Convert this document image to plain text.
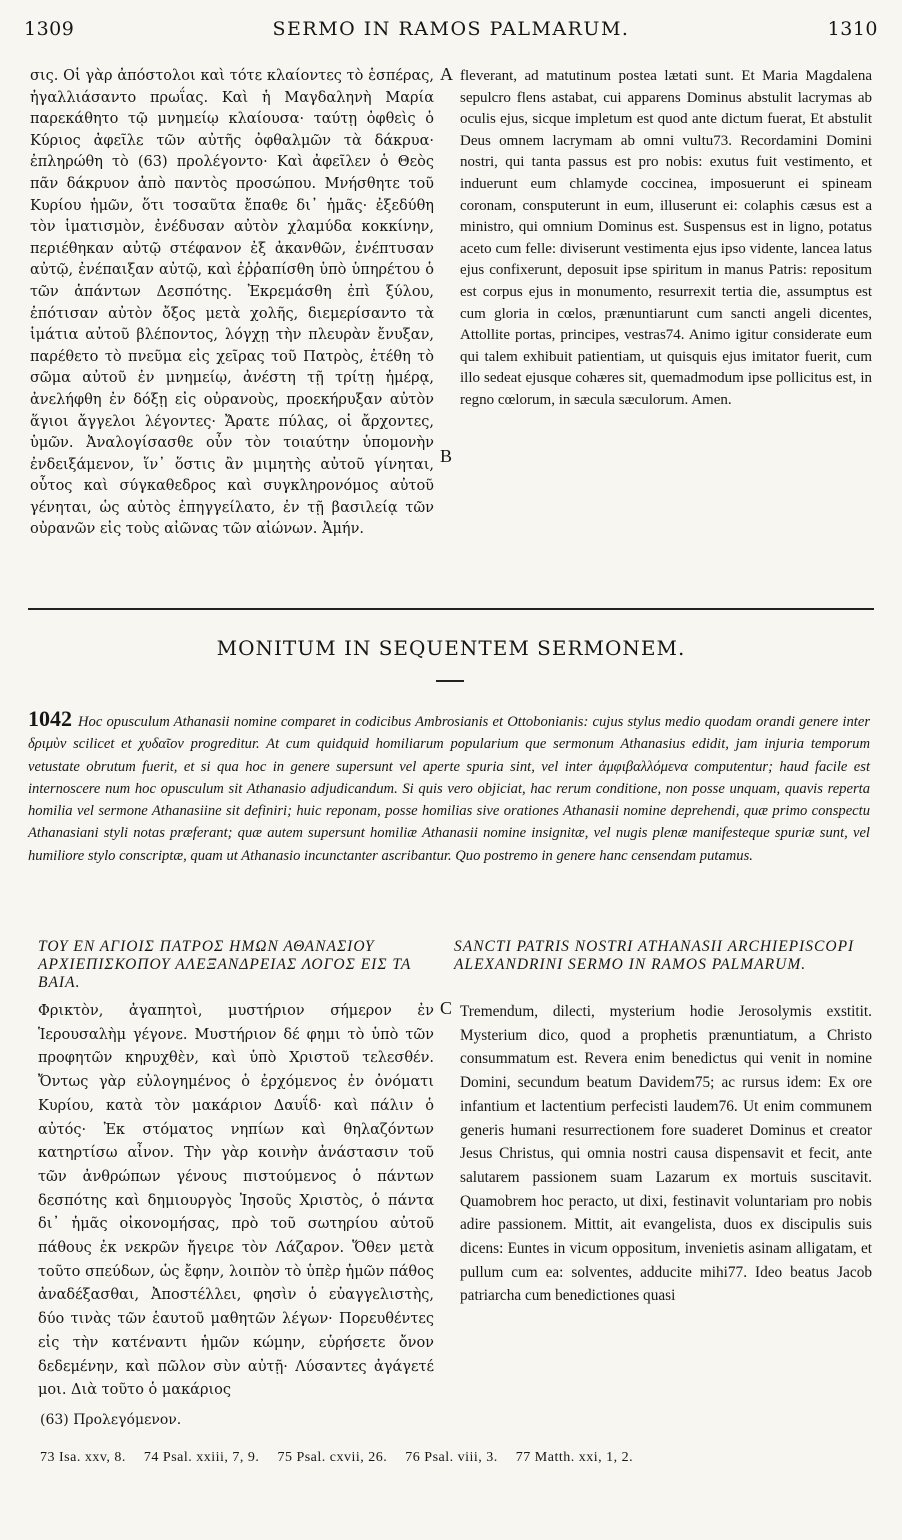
1309	SERMO IN RAMOS PALMARUM.	1310

σις. Οἱ γὰρ ἀπόστολοι καὶ τότε κλαίοντες τὸ ἑσπέρας, ἠγαλλιάσαντο πρωΐας. Καὶ ἡ Μαγδαληνὴ Μαρία παρεκάθητο τῷ μνημείῳ κλαίουσα· ταύτῃ ὀφθεὶς ὁ Κύριος ἀφεῖλε τῶν αὐτῆς ὀφθαλμῶν τὰ δάκρυα· ἐπληρώθη τὸ (63) προλέγοντο· Καὶ ἀφεῖλεν ὁ Θεὸς πᾶν δάκρυον ἀπὸ παντὸς προσώπου. Μνήσθητε τοῦ Κυρίου ἡμῶν, ὅτι τοσαῦτα ἔπαθε δι᾽ ἡμᾶς· ἐξεδύθη τὸν ἱματισμὸν, ἐνέδυσαν αὐτὸν χλαμύδα κοκκίνην, περιέθηκαν αὐτῷ στέφανον ἐξ ἀκανθῶν, ἐνέπτυσαν αὐτῷ, ἐνέπαιξαν αὐτῷ, καὶ ἐῤῥαπίσθη ὑπὸ ὑπηρέτου ὁ τῶν ἁπάντων Δεσπότης. Ἐκρεμάσθη ἐπὶ ξύλου, ἐπότισαν αὐτὸν ὄξος μετὰ χολῆς, διεμερίσαντο τὰ ἱμάτια αὐτοῦ βλέποντος, λόγχῃ τὴν πλευρὰν ἔνυξαν, παρέθετο τὸ πνεῦμα εἰς χεῖρας τοῦ Πατρὸς, ἐτέθη τὸ σῶμα αὐτοῦ ἐν μνημείῳ, ἀνέστη τῇ τρίτῃ ἡμέρᾳ, ἀνελήφθη ἐν δόξῃ εἰς οὐρανοὺς, προεκήρυξαν αὐτὸν ἅγιοι ἄγγελοι λέγοντες· Ἄρατε πύλας, οἱ ἄρχοντες, ὑμῶν. Ἀναλογίσασθε οὖν τὸν τοιαύτην ὑπομονὴν ἐνδειξάμενον, ἵν᾽ ὅστις ἂν μιμητὴς αὐτοῦ γίνηται, οὗτος καὶ σύγκαθεδρος καὶ συγκληρονόμος αὐτοῦ γένηται, ὡς αὐτὸς ἐπηγγείλατο, ἐν τῇ βασιλείᾳ τῶν οὐρανῶν εἰς τοὺς αἰῶνας τῶν αἰώνων. Ἀμήν.

A
B

fleverant, ad matutinum postea lætati sunt. Et Maria Magdalena sepulcro flens astabat, cui apparens Dominus abstulit lacrymas ab oculis ejus, sicque impletum est quod ante dictum fuerat, Et abstulit Deus omnem lacrymam ab omni vultu73. Recordamini Domini nostri, qui tanta passus est pro nobis: exutus fuit vestimento, et induerunt eum chlamyde coccinea, imposuerunt ei spineam coronam, consputerunt in eum, illuserunt ei: colaphis cæsus est a ministro, qui omnium Dominus est. Suspensus est in ligno, potatus aceto cum felle: diviserunt vestimenta ejus ipso vidente, lancea latus ejus confixerunt, deposuit ipse spiritum in manus Patris: repositum est corpus ejus in monumento, resurrexit tertia die, assumptus est cum gloria in cœlos, prænuntiarunt cum sancti angeli dicentes, Attollite portas, principes, vestras74. Animo igitur considerate eum qui talem exhibuit patientiam, ut quisquis ejus imitator fuerit, cum illo sedeat ejusque cohæres sit, quemadmodum ipse pollicitus est, in regno cœlorum, in sæcula sæculorum. Amen.

MONITUM IN SEQUENTEM SERMONEM.
1042 Hoc opusculum Athanasii nomine comparet in codicibus Ambrosianis et Ottobonianis: cujus stylus medio quodam orandi genere inter δριμὺν scilicet et χυδαῖον progreditur. At cum quidquid homiliarum popularium que sermonum Athanasius edidit, jam injuria temporum vetustate obrutum fuerit, et si qua hoc in genere supersunt vel aperte spuria sint, vel inter ἀμφιβαλλόμενα computentur; haud facile est internoscere num hoc opusculum sit Athanasio adjudicandum. Si quis vero objiciat, hac rerum conditione, non posse unquam, quavis reperta homilia vel sermone Athanasiine sit definiri; huic reponam, posse homilias sive orationes Athanasii nomine deprehendi, quæ primo conspectu Athanasiani styli notas præferant; quæ autem supersunt homiliæ Athanasii nomine insignitæ, vel nugis plenæ manifesteque spuriæ sunt, vel humiliore stylo conscriptæ, quam ut Athanasio incunctanter ascribantur. Quo postremo in genere hanc censendam putamus.
ΤΟΥ ΕΝ ΑΓΙΟΙΣ ΠΑΤΡΟΣ ΗΜΩΝ ΑΘΑΝΑΣΙΟΥ ΑΡΧΙΕΠΙΣΚΟΠΟΥ ΑΛΕΞΑΝΔΡΕΙΑΣ ΛΟΓΟΣ ΕΙΣ ΤΑ ΒΑΙΑ.
SANCTI PATRIS NOSTRI ATHANASII ARCHIEPISCOPI ALEXANDRINI SERMO IN RAMOS PALMARUM.

Φρικτὸν, ἀγαπητοὶ, μυστήριον σήμερον ἐν Ἱερουσαλὴμ γέγονε. Μυστήριον δέ φημι τὸ ὑπὸ τῶν προφητῶν κηρυχθὲν, καὶ ὑπὸ Χριστοῦ τελεσθέν. Ὄντως γὰρ εὐλογημένος ὁ ἐρχόμενος ἐν ὀνόματι Κυρίου, κατὰ τὸν μακάριον Δαυΐδ· καὶ πάλιν ὁ αὐτός· Ἐκ στόματος νηπίων καὶ θηλαζόντων κατηρτίσω αἶνον. Τὴν γὰρ κοινὴν ἀνάστασιν τοῦ τῶν ἀνθρώπων γένους πιστούμενος ὁ πάντων δεσπότης καὶ δημιουργὸς Ἰησοῦς Χριστὸς, ὁ πάντα δι᾽ ἡμᾶς οἰκονομήσας, πρὸ τοῦ σωτηρίου αὐτοῦ πάθους ἐκ νεκρῶν ἤγειρε τὸν Λάζαρον. Ὅθεν μετὰ τοῦτο σπεύδων, ὡς ἔφην, λοιπὸν τὸ ὑπὲρ ἡμῶν πάθος ἀναδέξασθαι, Ἀποστέλλει, φησὶν ὁ εὐαγγελιστὴς, δύο τινὰς τῶν ἑαυτοῦ μαθητῶν λέγων· Πορευθέντες εἰς τὴν κατέναντι ἡμῶν κώμην, εὑρήσετε ὄνον δεδεμένην, καὶ πῶλον σὺν αὐτῇ· Λύσαντες ἀγάγετέ μοι. Διὰ τοῦτο ὁ μακάριος

C Tremendum, dilecti, mysterium hodie Jerosolymis exstitit. Mysterium dico, quod a prophetis prænuntiatum, a Christo consummatum est. Revera enim benedictus qui venit in nomine Domini, secundum beatum Davidem75; ac rursus idem: Ex ore infantium et lactentium perfecisti laudem76. Ut enim communem generis humani resurrectionem fore suaderet Dominus et creator Jesus Christus, qui omnia nostri causa dispensavit et fecit, ante salutarem passionem suam Lazarum ex mortuis suscitavit. Quamobrem hoc peracto, ut dixi, festinavit voluntariam pro nobis adire passionem. Mittit, ait evangelista, duos ex discipulis suis dicens: Euntes in vicum oppositum, invenietis asinam alligatam, et pullum cum ea: solventes, adducite mihi77. Ideo beatus Jacob patriarcha cum benedictiones quasi

(63) Προλεγόμενον.
73 Isa. xxv, 8. 74 Psal. xxiii, 7, 9. 75 Psal. cxvii, 26. 76 Psal. viii, 3. 77 Matth. xxi, 1, 2.
